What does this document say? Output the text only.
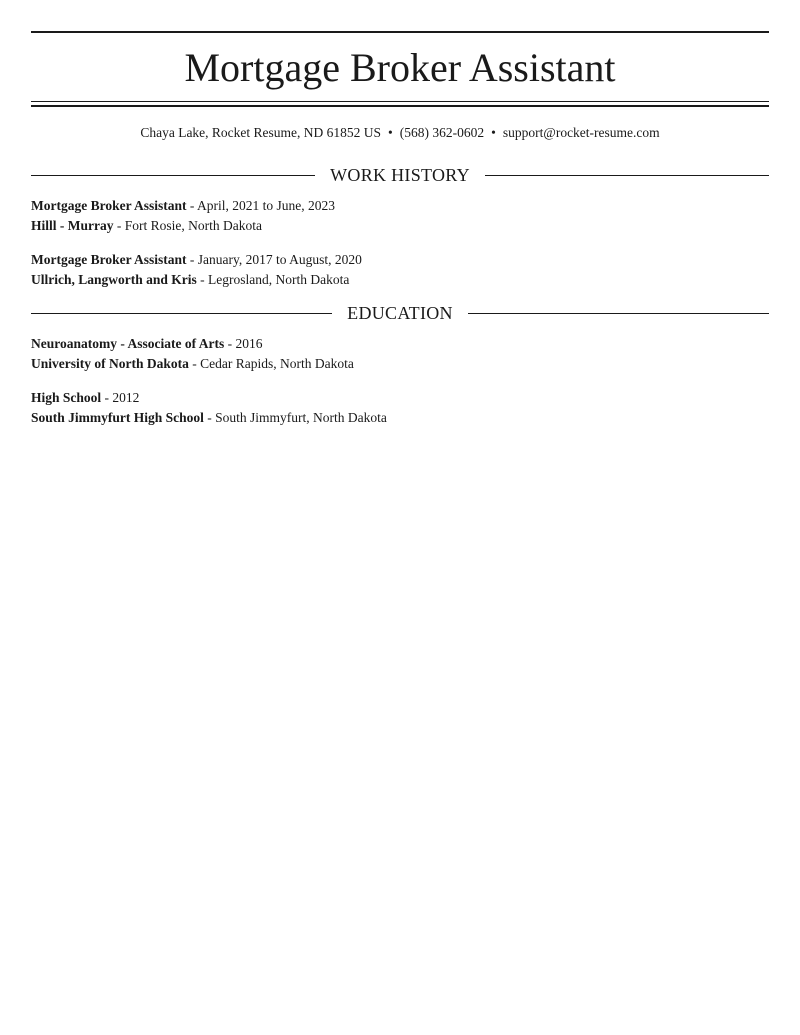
Mortgage Broker Assistant
Chaya Lake, Rocket Resume, ND 61852 US • (568) 362-0602 • support@rocket-resume.com
WORK HISTORY
Mortgage Broker Assistant - April, 2021 to June, 2023
Hilll - Murray - Fort Rosie, North Dakota
Mortgage Broker Assistant - January, 2017 to August, 2020
Ullrich, Langworth and Kris - Legrosland, North Dakota
EDUCATION
Neuroanatomy - Associate of Arts - 2016
University of North Dakota - Cedar Rapids, North Dakota
High School - 2012
South Jimmyfurt High School - South Jimmyfurt, North Dakota
